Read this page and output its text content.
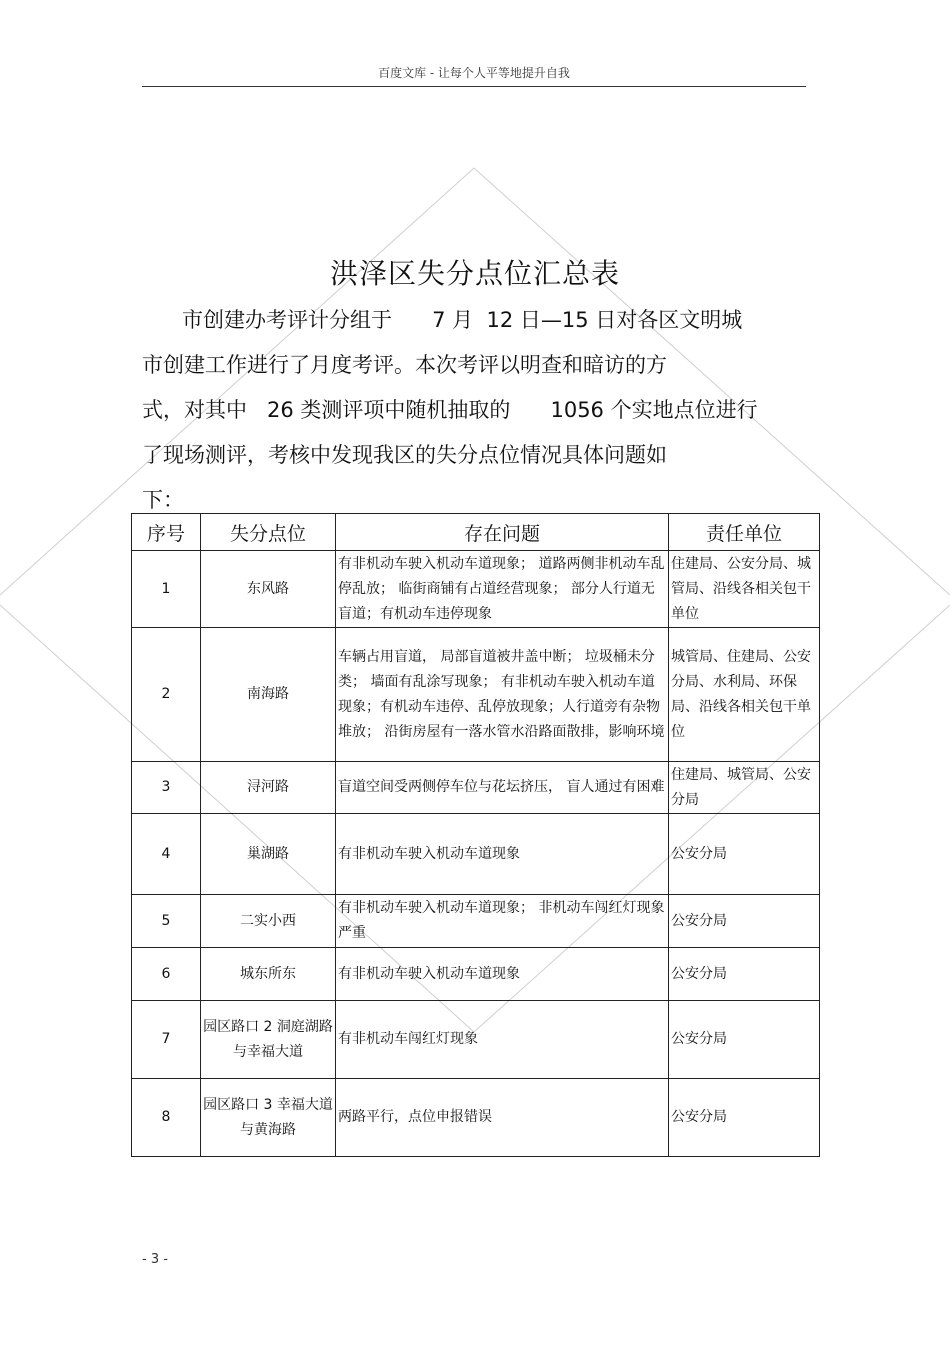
百度文库 - 让每个人平等地提升自我
洪泽区失分点位汇总表
市创建办考评计分组于      7 月  12 日—15 日对各区文明城
市创建工作进行了月度考评。本次考评以明查和暗访的方
式，对其中   26 类测评项中随机抽取的      1056 个实地点位进行
了现场测评，考核中发现我区的失分点位情况具体问题如
下：
序号	失分点位	存在问题	责任单位
1	东风路	有非机动车驶入机动车道现象； 道路两侧非机动车乱停乱放； 临街商铺有占道经营现象； 部分人行道无盲道；有机动车违停现象	住建局、公安分局、城管局、沿线各相关包干单位
2	南海路	车辆占用盲道， 局部盲道被井盖中断； 垃圾桶未分类； 墙面有乱涂写现象； 有非机动车驶入机动车道现象；有机动车违停、乱停放现象；人行道旁有杂物堆放； 沿街房屋有一落水管水沿路面散排，影响环境	城管局、住建局、公安分局、水利局、环保局、沿线各相关包干单位
3	浔河路	盲道空间受两侧停车位与花坛挤压， 盲人通过有困难	住建局、城管局、公安分局
4	巢湖路	有非机动车驶入机动车道现象	公安分局
5	二实小西	有非机动车驶入机动车道现象； 非机动车闯红灯现象严重	公安分局
6	城东所东	有非机动车驶入机动车道现象	公安分局
7	园区路口 2 洞庭湖路与幸福大道	有非机动车闯红灯现象	公安分局
8	园区路口 3 幸福大道与黄海路	两路平行，点位申报错误	公安分局
- 3 -
